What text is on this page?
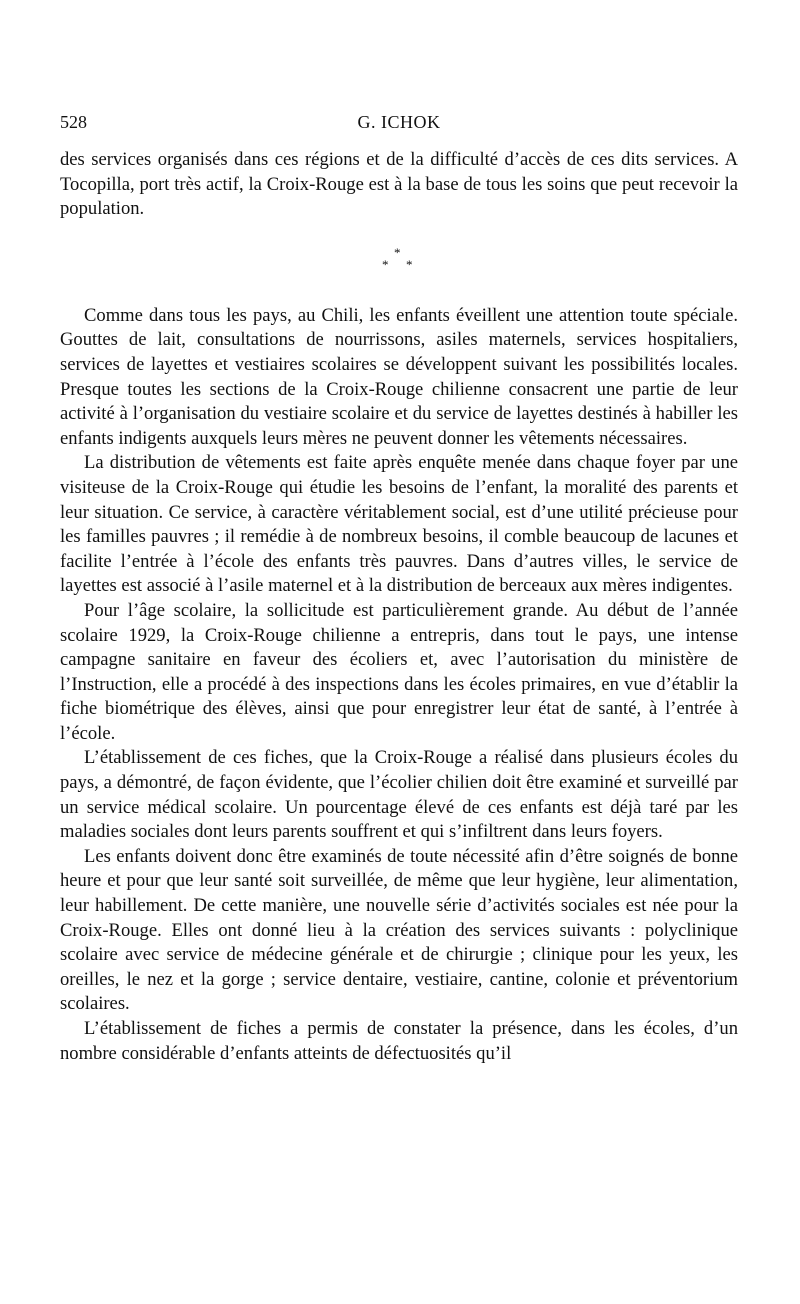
528	G. ICHOK

des services organisés dans ces régions et de la difficulté d’accès de ces dits services. A Tocopilla, port très actif, la Croix-Rouge est à la base de tous les soins que peut recevoir la population.

*
* *

Comme dans tous les pays, au Chili, les enfants éveillent une attention toute spéciale. Gouttes de lait, consultations de nourrissons, asiles maternels, services hospitaliers, services de layettes et vestiaires scolaires se développent suivant les possibilités locales. Presque toutes les sections de la Croix-Rouge chilienne consacrent une partie de leur activité à l’organisation du vestiaire scolaire et du service de layettes destinés à habiller les enfants indigents auxquels leurs mères ne peuvent donner les vêtements nécessaires.

La distribution de vêtements est faite après enquête menée dans chaque foyer par une visiteuse de la Croix-Rouge qui étudie les besoins de l’enfant, la moralité des parents et leur situation. Ce service, à caractère véritablement social, est d’une utilité précieuse pour les familles pauvres ; il remédie à de nombreux besoins, il comble beaucoup de lacunes et facilite l’entrée à l’école des enfants très pauvres. Dans d’autres villes, le service de layettes est associé à l’asile maternel et à la distribution de berceaux aux mères indigentes.

Pour l’âge scolaire, la sollicitude est particulièrement grande. Au début de l’année scolaire 1929, la Croix-Rouge chilienne a entrepris, dans tout le pays, une intense campagne sanitaire en faveur des écoliers et, avec l’autorisation du ministère de l’Instruction, elle a procédé à des inspections dans les écoles primaires, en vue d’établir la fiche biométrique des élèves, ainsi que pour enregistrer leur état de santé, à l’entrée à l’école.

L’établissement de ces fiches, que la Croix-Rouge a réalisé dans plusieurs écoles du pays, a démontré, de façon évidente, que l’écolier chilien doit être examiné et surveillé par un service médical scolaire. Un pourcentage élevé de ces enfants est déjà taré par les maladies sociales dont leurs parents souffrent et qui s’infiltrent dans leurs foyers.

Les enfants doivent donc être examinés de toute nécessité afin d’être soignés de bonne heure et pour que leur santé soit surveillée, de même que leur hygiène, leur alimentation, leur habillement. De cette manière, une nouvelle série d’activités sociales est née pour la Croix-Rouge. Elles ont donné lieu à la création des services suivants : polyclinique scolaire avec service de médecine générale et de chirurgie ; clinique pour les yeux, les oreilles, le nez et la gorge ; service dentaire, vestiaire, cantine, colonie et préventorium scolaires.

L’établissement de fiches a permis de constater la présence, dans les écoles, d’un nombre considérable d’enfants atteints de défectuosités qu’il
